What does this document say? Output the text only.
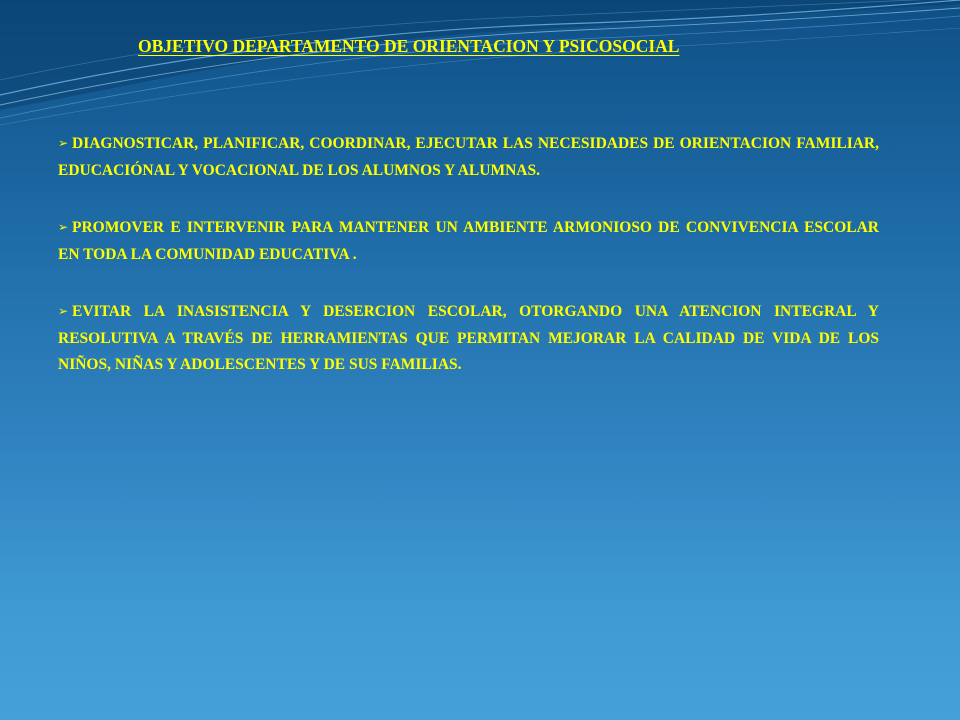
OBJETIVO DEPARTAMENTO DE ORIENTACION Y PSICOSOCIAL

➢ DIAGNOSTICAR, PLANIFICAR, COORDINAR, EJECUTAR LAS NECESIDADES DE ORIENTACION FAMILIAR, EDUCACIÓNAL Y VOCACIONAL DE LOS ALUMNOS Y ALUMNAS.

➢ PROMOVER E INTERVENIR PARA MANTENER UN AMBIENTE ARMONIOSO DE CONVIVENCIA ESCOLAR EN TODA LA COMUNIDAD EDUCATIVA .

➢ EVITAR LA INASISTENCIA Y DESERCION ESCOLAR, OTORGANDO UNA ATENCION INTEGRAL Y RESOLUTIVA A TRAVÉS DE HERRAMIENTAS QUE PERMITAN MEJORAR LA CALIDAD DE VIDA DE LOS NIÑOS, NIÑAS Y ADOLESCENTES Y DE SUS FAMILIAS.
